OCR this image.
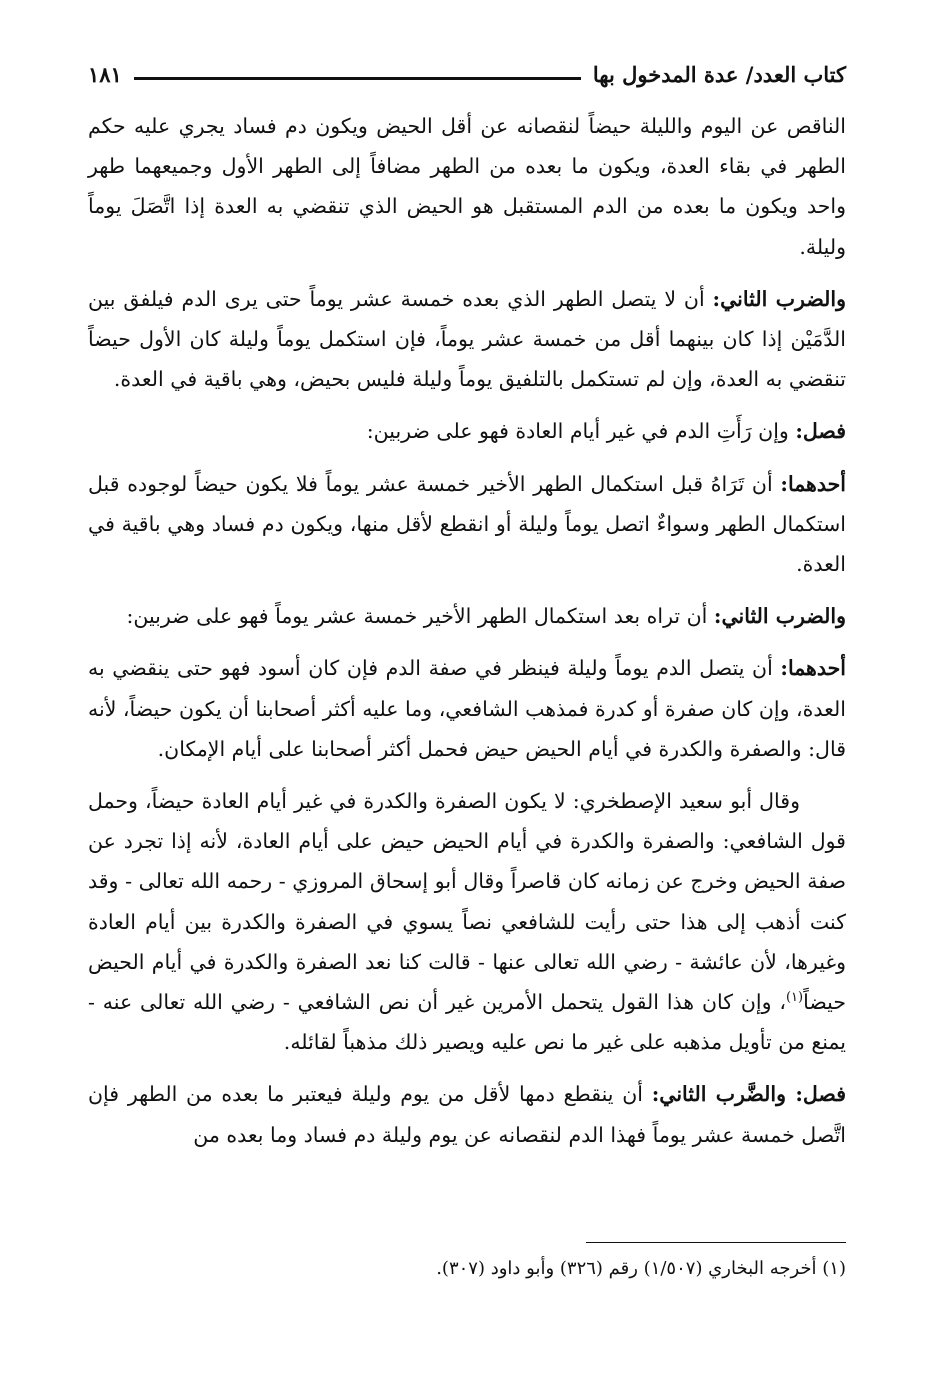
كتاب العدد/ عدة المدخول بها
١٨١

الناقص عن اليوم والليلة حيضاً لنقصانه عن أقل الحيض ويكون دم فساد يجري عليه حكم الطهر في بقاء العدة، ويكون ما بعده من الطهر مضافاً إلى الطهر الأول وجميعهما طهر واحد ويكون ما بعده من الدم المستقبل هو الحيض الذي تنقضي به العدة إذا اتَّصَلَ يوماً وليلة.

والضرب الثاني: أن لا يتصل الطهر الذي بعده خمسة عشر يوماً حتى يرى الدم فيلفق بين الدَّمَيْن إذا كان بينهما أقل من خمسة عشر يوماً، فإن استكمل يوماً وليلة كان الأول حيضاً تنقضي به العدة، وإن لم تستكمل بالتلفيق يوماً وليلة فليس بحيض، وهي باقية في العدة.

فصل: وإن رَأَتِ الدم في غير أيام العادة فهو على ضربين:

أحدهما: أن تَرَاهُ قبل استكمال الطهر الأخير خمسة عشر يوماً فلا يكون حيضاً لوجوده قبل استكمال الطهر وسواءٌ اتصل يوماً وليلة أو انقطع لأقل منها، ويكون دم فساد وهي باقية في العدة.

والضرب الثاني: أن تراه بعد استكمال الطهر الأخير خمسة عشر يوماً فهو على ضربين:

أحدهما: أن يتصل الدم يوماً وليلة فينظر في صفة الدم فإن كان أسود فهو حتى ينقضي به العدة، وإن كان صفرة أو كدرة فمذهب الشافعي، وما عليه أكثر أصحابنا أن يكون حيضاً، لأنه قال: والصفرة والكدرة في أيام الحيض حيض فحمل أكثر أصحابنا على أيام الإمكان.

وقال أبو سعيد الإصطخري: لا يكون الصفرة والكدرة في غير أيام العادة حيضاً، وحمل قول الشافعي: والصفرة والكدرة في أيام الحيض حيض على أيام العادة، لأنه إذا تجرد عن صفة الحيض وخرج عن زمانه كان قاصراً وقال أبو إسحاق المروزي - رحمه الله تعالى - وقد كنت أذهب إلى هذا حتى رأيت للشافعي نصاً يسوي في الصفرة والكدرة بين أيام العادة وغيرها، لأن عائشة - رضي الله تعالى عنها - قالت كنا نعد الصفرة والكدرة في أيام الحيض حيضاً$^{(١)}$، وإن كان هذا القول يتحمل الأمرين غير أن نص الشافعي - رضي الله تعالى عنه - يمنع من تأويل مذهبه على غير ما نص عليه ويصير ذلك مذهباً لقائله.

فصل: والضَّرب الثاني: أن ينقطع دمها لأقل من يوم وليلة فيعتبر ما بعده من الطهر فإن اتَّصل خمسة عشر يوماً فهذا الدم لنقصانه عن يوم وليلة دم فساد وما بعده من

(١) أخرجه البخاري (١/٥٠٧) رقم (٣٢٦) وأبو داود (٣٠٧).
